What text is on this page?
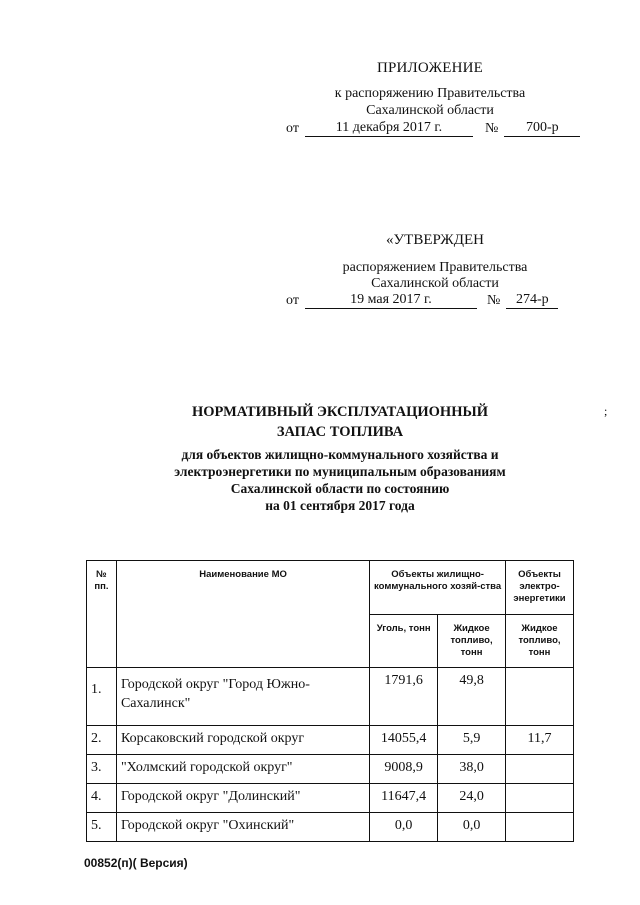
ПРИЛОЖЕНИЕ
к распоряжению Правительства
Сахалинской области
от	11 декабря 2017 г.	№	700-р
«УТВЕРЖДЕН
распоряжением Правительства
Сахалинской области
от	19 мая 2017 г.	№	274-р
НОРМАТИВНЫЙ ЭКСПЛУАТАЦИОННЫЙ
ЗАПАС ТОПЛИВА
для объектов жилищно-коммунального хозяйства и
электроэнергетики по муниципальным образованиям
Сахалинской области по состоянию
на 01 сентября 2017 года
;
№ пп.	Наименование МО	Объекты жилищно-коммунального хозяй-ства		Объекты электро-энергетики
		Уголь, тонн	Жидкое топливо, тонн	Жидкое топливо, тонн
1.	Городской округ "Город Южно-Сахалинск"	1791,6	49,8	
2.	Корсаковский городской округ	14055,4	5,9	11,7
3.	"Холмский городской округ"	9008,9	38,0	
4.	Городской округ "Долинский"	11647,4	24,0	
5.	Городской округ "Охинский"	0,0	0,0	
00852(п)( Версия)
